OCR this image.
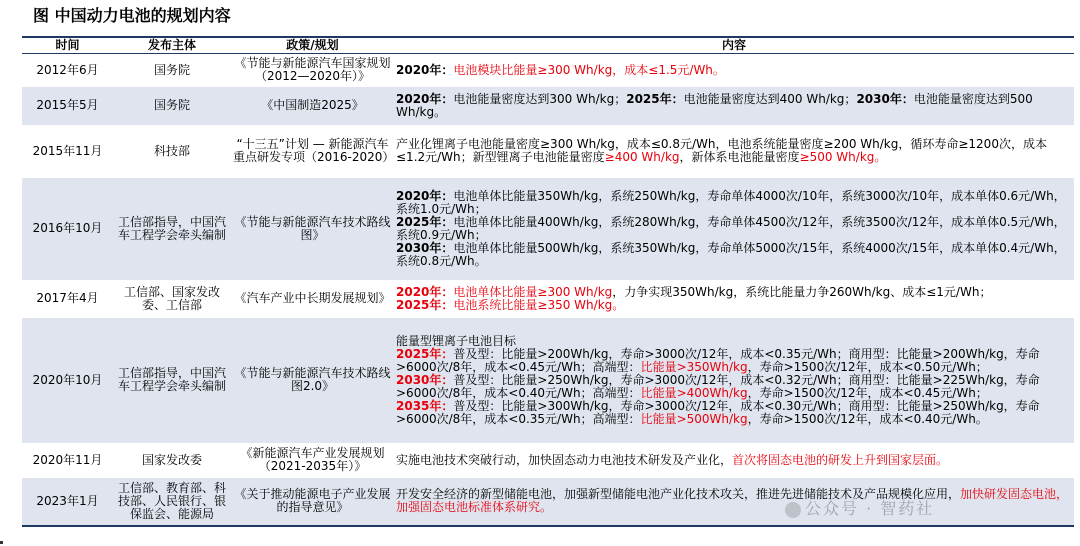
图 中国动力电池的规划内容
时间	发布主体	政策/规划	内容
2012年6月	国务院	《节能与新能源汽车国家规划（2012—2020年）》	2020年：电池模块比能量≥300 Wh/kg，成本≤1.5元/Wh。
2015年5月	国务院	《中国制造2025》	2020年：电池能量密度达到300 Wh/kg；2025年：电池能量密度达到400 Wh/kg；2030年：电池能量密度达到500 Wh/kg。
2015年11月	科技部	“十三五”计划 — 新能源汽车重点研发专项（2016-2020）	产业化锂离子电池能量密度≥300 Wh/kg，成本≤0.8元/Wh，电池系统能量密度≥200 Wh/kg，循环寿命≥1200次，成本≤1.2元/Wh；新型锂离子电池能量密度≥400 Wh/kg，新体系电池能量密度≥500 Wh/kg。
2016年10月	工信部指导，中国汽车工程学会牵头编制	《节能与新能源汽车技术路线图》	2020年：电池单体比能量350Wh/kg，系统250Wh/kg，寿命单体4000次/10年，系统3000次/10年，成本单体0.6元/Wh，系统1.0元/Wh；
2025年：电池单体比能量400Wh/kg，系统280Wh/kg，寿命单体4500次/12年，系统3500次/12年，成本单体0.5元/Wh，系统0.9元/Wh；
2030年：电池单体比能量500Wh/kg，系统350Wh/kg，寿命单体5000次/15年，系统4000次/15年，成本单体0.4元/Wh，系统0.8元/Wh。
2017年4月	工信部、国家发改委、工信部	《汽车产业中长期发展规划》	2020年：电池单体比能量≥300 Wh/kg，力争实现350Wh/kg，系统比能量力争260Wh/kg、成本≤1元/Wh；
2025年：电池系统比能量≥350 Wh/kg。
2020年10月	工信部指导，中国汽车工程学会牵头编制	《节能与新能源汽车技术路线图2.0》	能量型锂离子电池目标
2025年：普及型：比能量>200Wh/kg，寿命>3000次/12年，成本<0.35元/Wh；商用型：比能量>200Wh/kg，寿命>6000次/8年，成本<0.45元/Wh；高端型：比能量>350Wh/kg，寿命>1500次/12年，成本<0.50元/Wh；
2030年：普及型：比能量>250Wh/kg，寿命>3000次/12年，成本<0.32元/Wh；商用型：比能量>225Wh/kg，寿命>6000次/8年，成本<0.40元/Wh；高端型：比能量>400Wh/kg，寿命>1500次/12年，成本<0.45元/Wh；
2035年：普及型：比能量>300Wh/kg，寿命>3000次/12年，成本<0.30元/Wh；商用型：比能量>250Wh/kg，寿命>6000次/8年，成本<0.35元/Wh；高端型：比能量>500Wh/kg，寿命>1500次/12年，成本<0.40元/Wh。
2020年11月	国家发改委	《新能源汽车产业发展规划（2021-2035年）》	实施电池技术突破行动，加快固态动力电池技术研发及产业化，首次将固态电池的研发上升到国家层面。
2023年1月	工信部、教育部、科技部、人民银行、银保监会、能源局	《关于推动能源电子产业发展的指导意见》	开发安全经济的新型储能电池，加强新型储能电池产业化技术攻关，推进先进储能技术及产品规模化应用，加快研发固态电池，加强固态电池标准体系研究。	公众号 · 智药社
